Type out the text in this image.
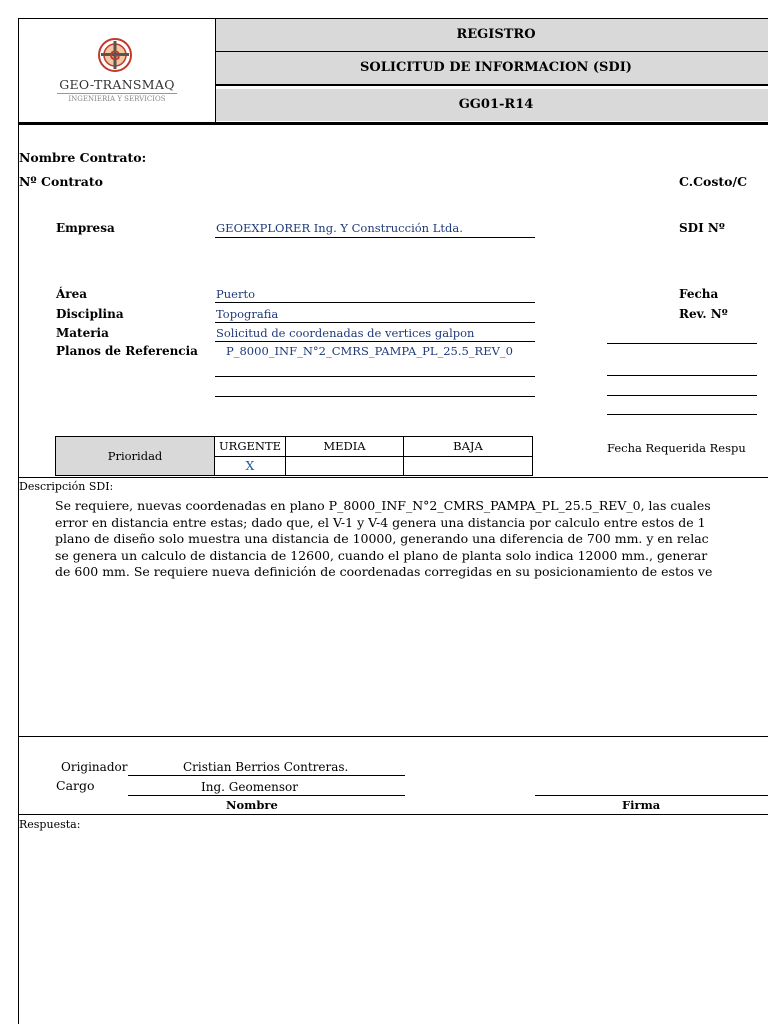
G
GEO-TRANSMAQ
INGENIERIA Y SERVICIOS
REGISTRO
SOLICITUD DE INFORMACION (SDI)
GG01-R14
Nombre Contrato:
Nº Contrato	C.Costo/C
Empresa	GEOEXPLORER Ing. Y Construcción Ltda.	SDI Nº
Área	Puerto
Disciplina	Topografia
Materia	Solicitud de coordenadas de vertices galpon
Planos de Referencia P_8000_INF_N°2_CMRS_PAMPA_PL_25.5_REV_0
Fecha
Rev. Nº
Prioridad	URGENTE	MEDIA	BAJA
	X		
Fecha Requerida Respu
Descripción SDI:
Se requiere, nuevas coordenadas en plano P_8000_INF_N°2_CMRS_PAMPA_PL_25.5_REV_0, las cuales
error en distancia entre estas; dado que, el V-1 y V-4 genera una distancia por calculo entre estos de 1
plano de diseño solo muestra una distancia de 10000, generando una diferencia de 700 mm. y en relac
se genera un calculo de distancia de 12600, cuando el plano de planta solo indica 12000 mm., generar
de 600 mm. Se requiere nueva definición de coordenadas corregidas en su posicionamiento de estos ve
Originador	Cristian Berrios Contreras.
Cargo	Ing. Geomensor
Nombre	Firma
Respuesta:
